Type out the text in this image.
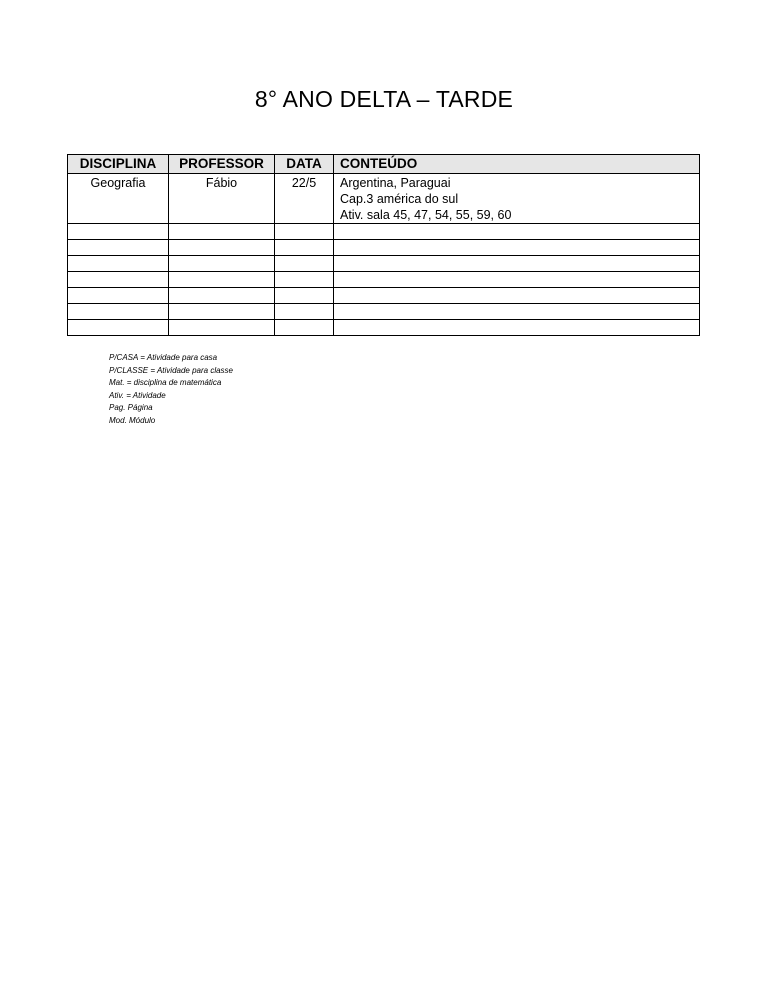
8° ANO DELTA – TARDE
DISCIPLINA	PROFESSOR	DATA	CONTEÚDO
Geografia	Fábio	22/5	Argentina, Paraguai
Cap.3 américa do sul
Ativ. sala 45, 47, 54, 55, 59, 60

P/CASA = Atividade para casa
P/CLASSE = Atividade para classe
Mat. = disciplina de matemática
Ativ. = Atividade
Pag. Página
Mod. Módulo
